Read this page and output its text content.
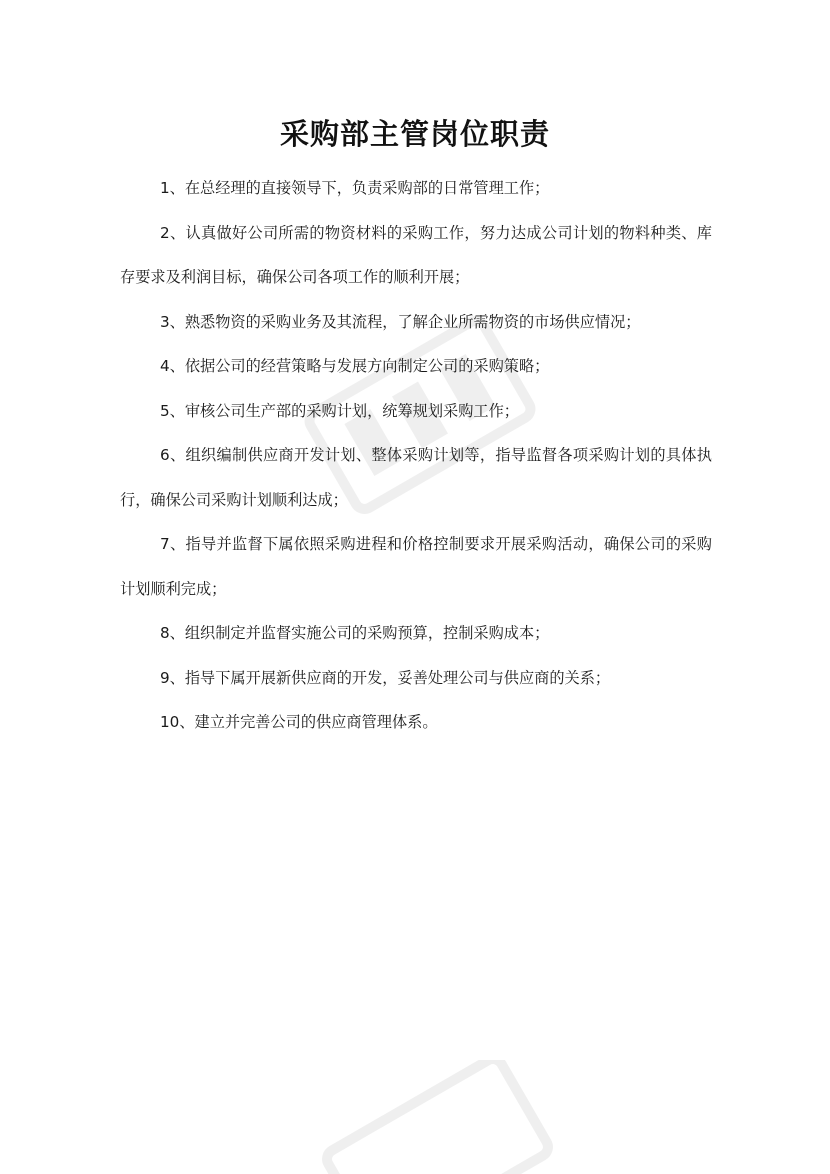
采购部主管岗位职责

1、在总经理的直接领导下，负责采购部的日常管理工作；

2、认真做好公司所需的物资材料的采购工作，努力达成公司计划的物料种类、库存要求及利润目标，确保公司各项工作的顺利开展；

3、熟悉物资的采购业务及其流程，了解企业所需物资的市场供应情况；

4、依据公司的经营策略与发展方向制定公司的采购策略；

5、审核公司生产部的采购计划，统筹规划采购工作；

6、组织编制供应商开发计划、整体采购计划等，指导监督各项采购计划的具体执行，确保公司采购计划顺利达成；

7、指导并监督下属依照采购进程和价格控制要求开展采购活动，确保公司的采购计划顺利完成；

8、组织制定并监督实施公司的采购预算，控制采购成本；

9、指导下属开展新供应商的开发，妥善处理公司与供应商的关系；

10、建立并完善公司的供应商管理体系。
